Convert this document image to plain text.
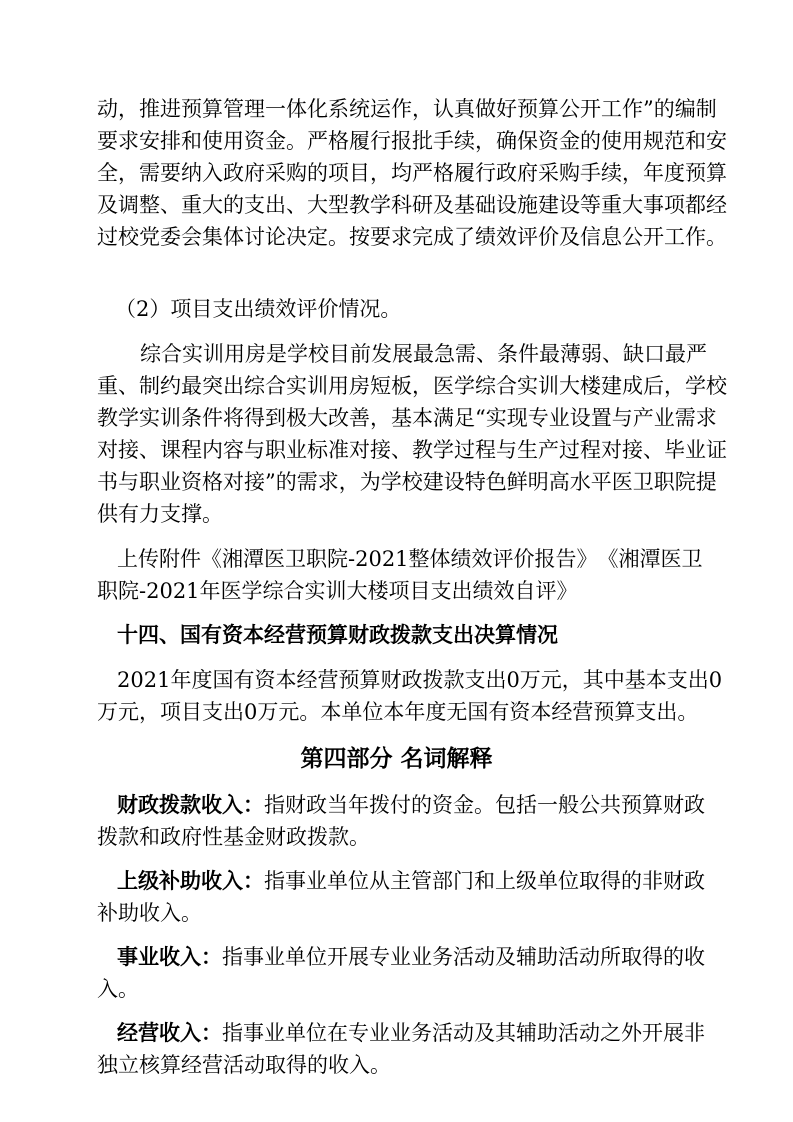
动，推进预算管理一体化系统运作，认真做好预算公开工作”的编制
要求安排和使用资金。严格履行报批手续，确保资金的使用规范和安
全，需要纳入政府采购的项目，均严格履行政府采购手续，年度预算
及调整、重大的支出、大型教学科研及基础设施建设等重大事项都经
过校党委会集体讨论决定。按要求完成了绩效评价及信息公开工作。
（2）项目支出绩效评价情况。
综合实训用房是学校目前发展最急需、条件最薄弱、缺口最严
重、制约最突出综合实训用房短板，医学综合实训大楼建成后，学校
教学实训条件将得到极大改善，基本满足“实现专业设置与产业需求
对接、课程内容与职业标准对接、教学过程与生产过程对接、毕业证
书与职业资格对接”的需求，为学校建设特色鲜明高水平医卫职院提
供有力支撑。
上传附件《湘潭医卫职院-2021整体绩效评价报告》　《湘潭医卫
职院-2021年医学综合实训大楼项目支出绩效自评》
十四、国有资本经营预算财政拨款支出决算情况
2021年度国有资本经营预算财政拨款支出0万元，其中基本支出0
万元，项目支出0万元。本单位本年度无国有资本经营预算支出。
第四部分 名词解释
财政拨款收入：指财政当年拨付的资金。包括一般公共预算财政
拨款和政府性基金财政拨款。
上级补助收入：指事业单位从主管部门和上级单位取得的非财政
补助收入。
事业收入：指事业单位开展专业业务活动及辅助活动所取得的收
入。
经营收入：指事业单位在专业业务活动及其辅助活动之外开展非
独立核算经营活动取得的收入。
